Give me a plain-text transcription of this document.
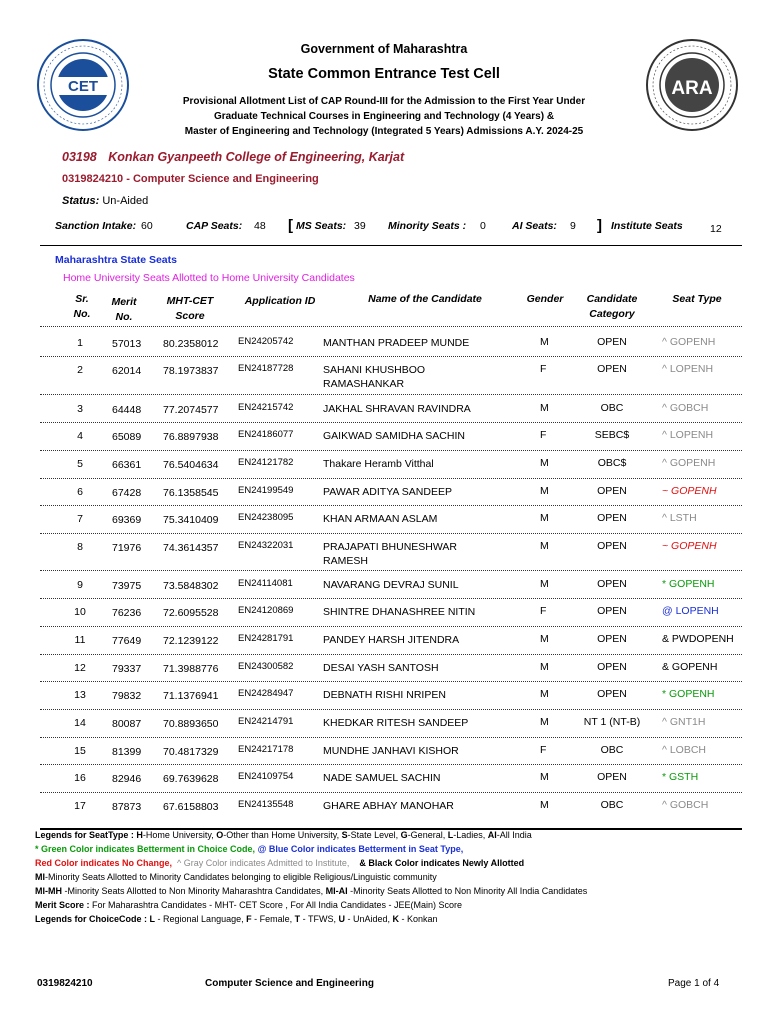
CET	ARA
Government of Maharashtra
State Common Entrance Test Cell
Provisional Allotment List of CAP Round-III for the Admission to the First Year Under
Graduate Technical Courses in Engineering and Technology (4 Years) &
Master of Engineering and Technology (Integrated 5 Years) Admissions A.Y. 2024-25
03198 Konkan Gyanpeeth College of Engineering, Karjat
0319824210 - Computer Science and Engineering
Status: Un-Aided
Sanction Intake: 60	CAP Seats: 48 [ MS Seats: 39 Minority Seats : 0 AI Seats: 9 ] Institute Seats	12
Maharashtra State Seats
Home University Seats Allotted to Home University Candidates
Sr.
No.
Merit
No.
MHT-CET
Score
Application ID	Name of the Candidate	Gender	Candidate
Category
Seat Type
1	57013 80.2358012 EN24205742	MANTHAN PRADEEP MUNDE	M	OPEN	^ GOPENH
2	62014 78.1973837 EN24187728	SAHANI KHUSHBOO
RAMASHANKAR
F	OPEN	^ LOPENH
3	64448 77.2074577 EN24215742	JAKHAL SHRAVAN RAVINDRA	M	OBC	^ GOBCH
4	65089 76.8897938 EN24186077	GAIKWAD SAMIDHA SACHIN	F	SEBC$	^ LOPENH
5	66361 76.5404634 EN24121782	Thakare Heramb Vitthal	M	OBC$	^ GOPENH
6	67428 76.1358545 EN24199549	PAWAR ADITYA SANDEEP	M	OPEN	~ GOPENH
7	69369 75.3410409 EN24238095	KHAN ARMAAN ASLAM	M	OPEN	^ LSTH
8	71976 74.3614357 EN24322031	PRAJAPATI BHUNESHWAR
RAMESH
M	OPEN	~ GOPENH
9	73975 73.5848302 EN24114081	NAVARANG DEVRAJ SUNIL	M	OPEN	* GOPENH
10	76236 72.6095528 EN24120869	SHINTRE DHANASHREE NITIN	F	OPEN	@ LOPENH
11	77649 72.1239122 EN24281791	PANDEY HARSH JITENDRA	M	OPEN	& PWDOPENH
12	79337 71.3988776 EN24300582	DESAI YASH SANTOSH	M	OPEN	& GOPENH
13	79832 71.1376941 EN24284947	DEBNATH RISHI NRIPEN	M	OPEN	* GOPENH
14	80087 70.8893650 EN24214791	KHEDKAR RITESH SANDEEP	M	NT 1 (NT-B)	^ GNT1H
15	81399 70.4817329 EN24217178	MUNDHE JANHAVI KISHOR	F	OBC	^ LOBCH
16	82946 69.7639628 EN24109754	NADE SAMUEL SACHIN	M	OPEN	* GSTH
17	87873 67.6158803 EN24135548	GHARE ABHAY MANOHAR	M	OBC	^ GOBCH
Legends for SeatType : H-Home University, O-Other than Home University, S-State Level, G-General, L-Ladies, AI-All India
* Green Color indicates Betterment in Choice Code, @ Blue Color indicates Betterment in Seat Type,
Red Color indicates No Change, ^ Gray Color indicates Admitted to Institute, & Black Color indicates Newly Allotted
MI-Minority Seats Allotted to Minority Candidates belonging to eligible Religious/Linguistic community
MI-MH -Minority Seats Allotted to Non Minority Maharashtra Candidates, MI-AI -Minority Seats Allotted to Non Minority All India Candidates
Merit Score : For Maharashtra Candidates - MHT- CET Score , For All India Candidates - JEE(Main) Score
Legends for ChoiceCode : L - Regional Language, F - Female, T - TFWS, U - UnAided, K - Konkan
0319824210	Computer Science and Engineering	Page 1 of 4
